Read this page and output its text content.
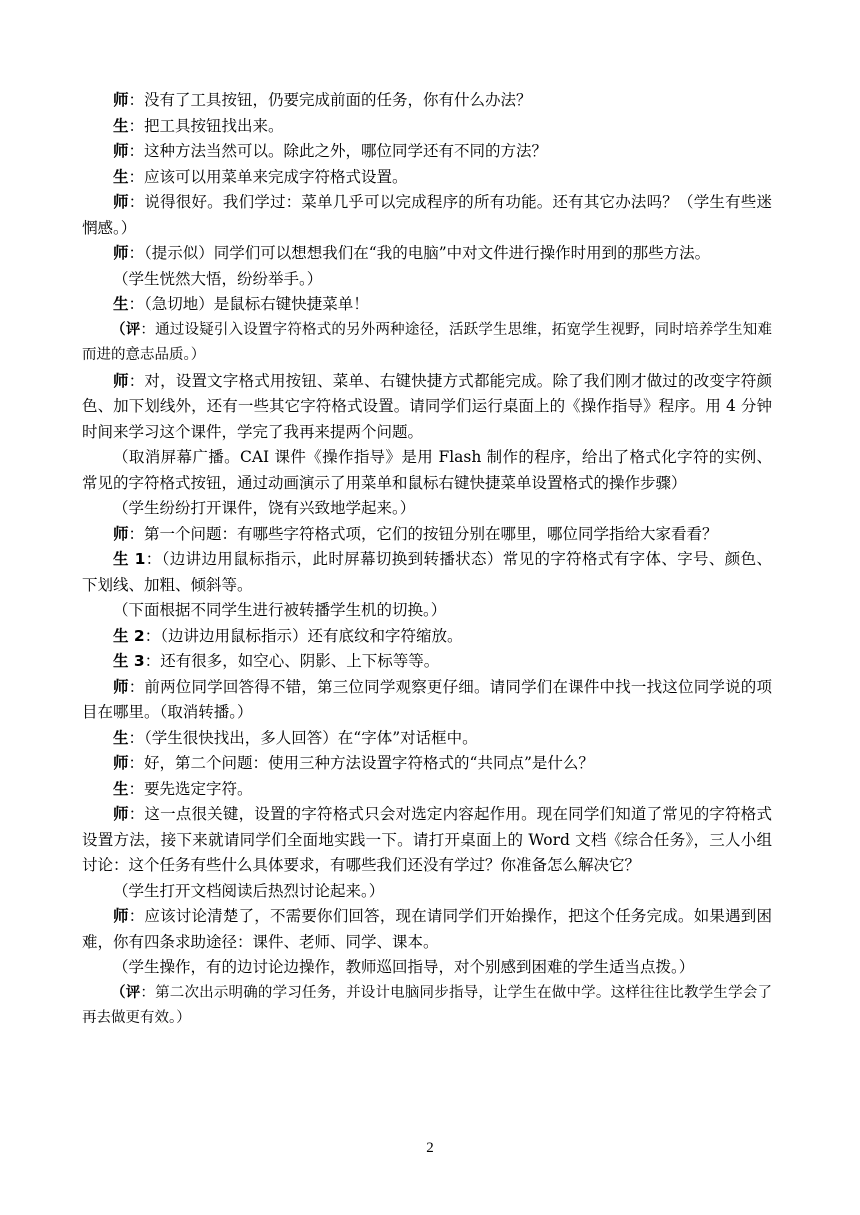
师：没有了工具按钮，仍要完成前面的任务，你有什么办法？

生：把工具按钮找出来。

师：这种方法当然可以。除此之外，哪位同学还有不同的方法？

生：应该可以用菜单来完成字符格式设置。

师：说得很好。我们学过：菜单几乎可以完成程序的所有功能。还有其它办法吗？（学生有些迷惘感。）

师：（提示似）同学们可以想想我们在“我的电脑”中对文件进行操作时用到的那些方法。

（学生恍然大悟，纷纷举手。）

生：（急切地）是鼠标右键快捷菜单！

（评：通过设疑引入设置字符格式的另外两种途径，活跃学生思维，拓宽学生视野，同时培养学生知难而进的意志品质。）

师：对，设置文字格式用按钮、菜单、右键快捷方式都能完成。除了我们刚才做过的改变字符颜色、加下划线外，还有一些其它字符格式设置。请同学们运行桌面上的《操作指导》程序。用 4 分钟时间来学习这个课件，学完了我再来提两个问题。

（取消屏幕广播。CAI 课件《操作指导》是用 Flash 制作的程序，给出了格式化字符的实例、常见的字符格式按钮，通过动画演示了用菜单和鼠标右键快捷菜单设置格式的操作步骤）

（学生纷纷打开课件，饶有兴致地学起来。）

师：第一个问题：有哪些字符格式项，它们的按钮分别在哪里，哪位同学指给大家看看？

生 1：（边讲边用鼠标指示，此时屏幕切换到转播状态）常见的字符格式有字体、字号、颜色、下划线、加粗、倾斜等。

（下面根据不同学生进行被转播学生机的切换。）

生 2：（边讲边用鼠标指示）还有底纹和字符缩放。

生 3：还有很多，如空心、阴影、上下标等等。

师：前两位同学回答得不错，第三位同学观察更仔细。请同学们在课件中找一找这位同学说的项目在哪里。（取消转播。）

生：（学生很快找出，多人回答）在“字体”对话框中。

师：好，第二个问题：使用三种方法设置字符格式的“共同点”是什么？

生：要先选定字符。

师：这一点很关键，设置的字符格式只会对选定内容起作用。现在同学们知道了常见的字符格式设置方法，接下来就请同学们全面地实践一下。请打开桌面上的 Word 文档《综合任务》，三人小组讨论：这个任务有些什么具体要求，有哪些我们还没有学过？你准备怎么解决它？

（学生打开文档阅读后热烈讨论起来。）

师：应该讨论清楚了，不需要你们回答，现在请同学们开始操作，把这个任务完成。如果遇到困难，你有四条求助途径：课件、老师、同学、课本。

（学生操作，有的边讨论边操作，教师巡回指导，对个别感到困难的学生适当点拨。）

（评：第二次出示明确的学习任务，并设计电脑同步指导，让学生在做中学。这样往往比教学生学会了再去做更有效。）

2
